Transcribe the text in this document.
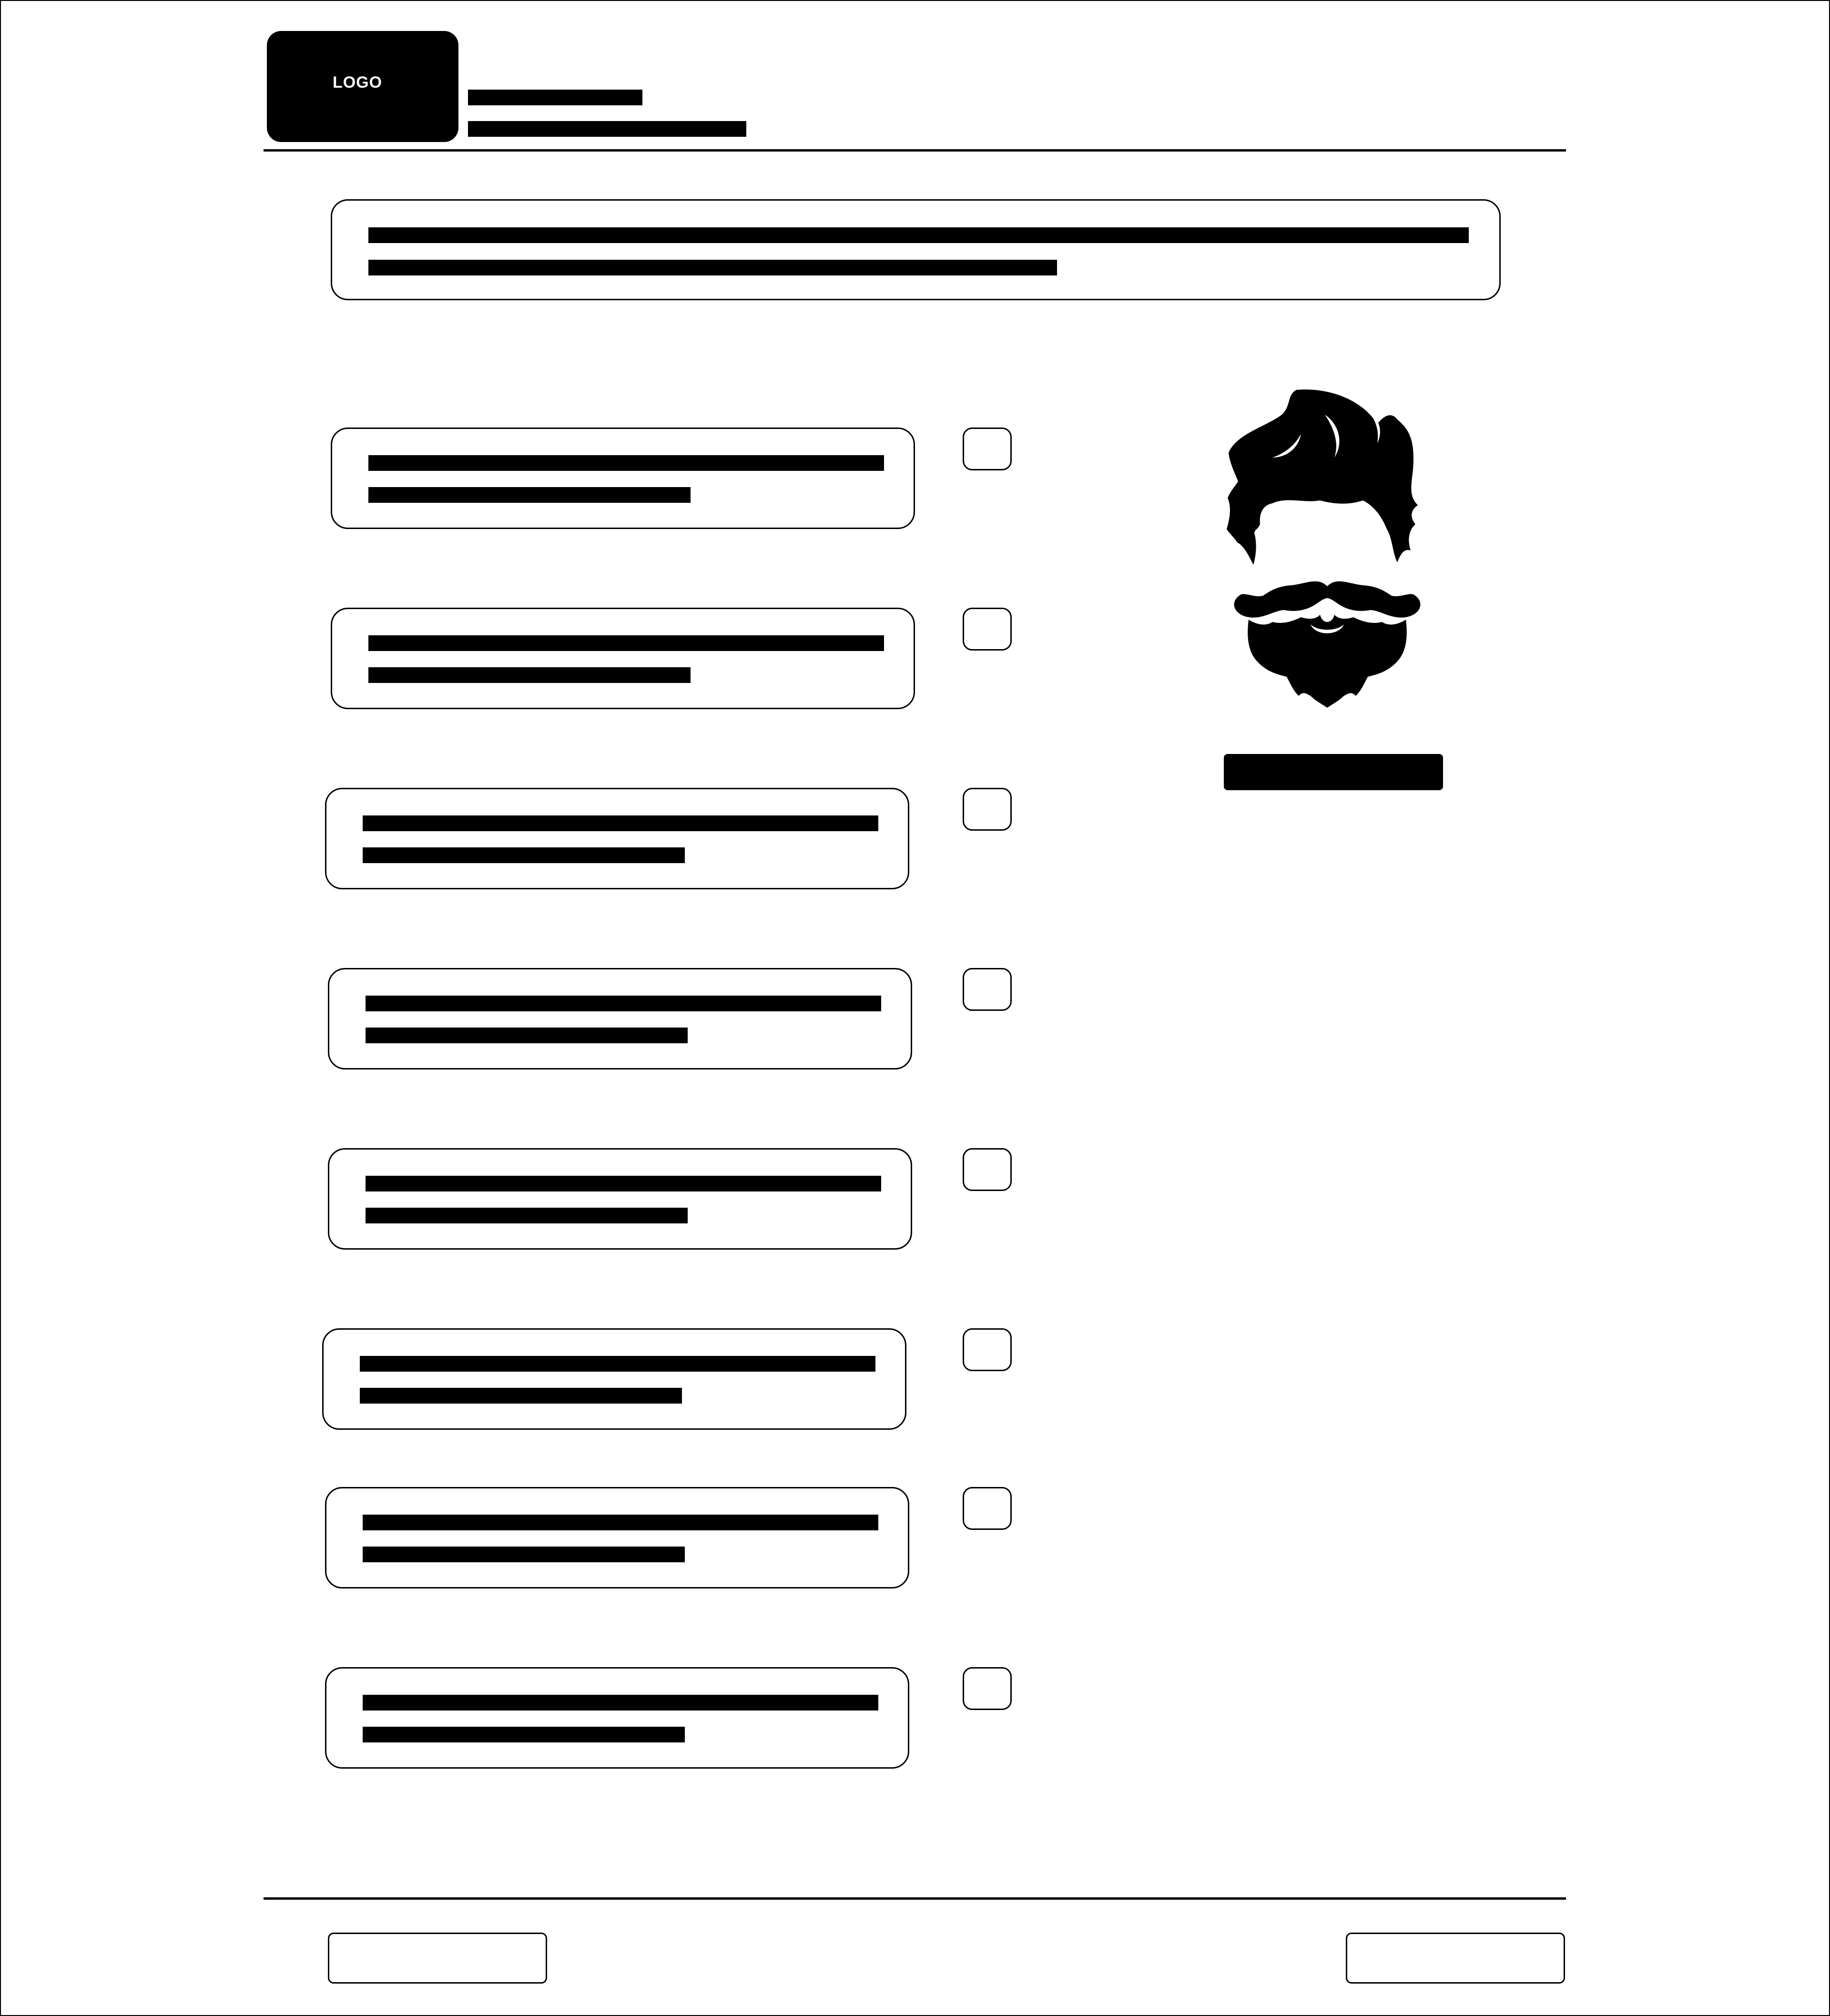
LOGO
